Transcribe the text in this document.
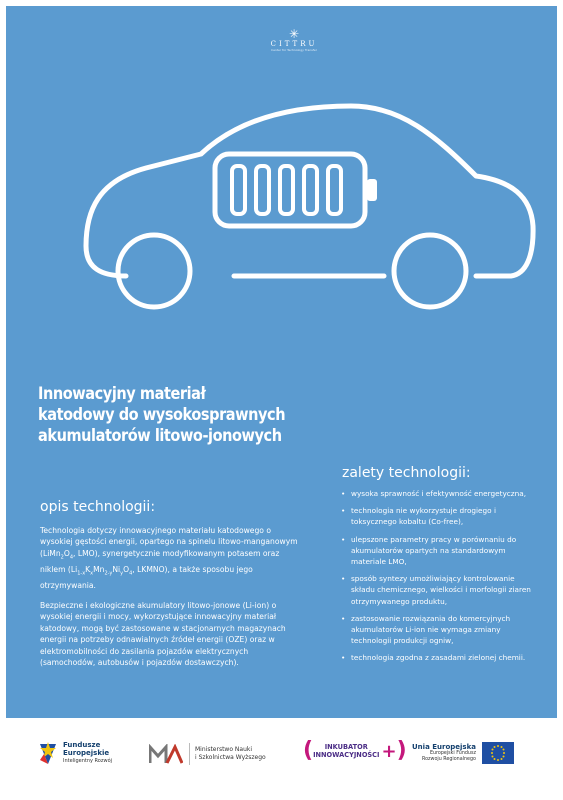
✳
CITTRU
Center for Technology Transfer
Innowacyjny materiał
katodowy do wysokosprawnych
akumulatorów litowo-jonowych
zalety technologii:
opis technologii:

Technologia dotyczy innowacyjnego materiału katodowego o wysokiej gęstości energii, opartego na spinelu litowo-manganowym ($LiMn_2O_4$, LMO), synergetycznie modyfikowanym potasem oraz niklem ($Li_{1-x}K_xMn_{2-y}Ni_yO_4$, LKMNO), a także sposobu jego otrzymywania.

Bezpieczne i ekologiczne akumulatory litowo-jonowe (Li-ion) o wysokiej energii i mocy, wykorzystujące innowacyjny materiał katodowy, mogą być zastosowane w stacjonarnych magazynach energii na potrzeby odnawialnych źródeł energii (OZE) oraz w elektromobilności do zasilania pojazdów elektrycznych (samochodów, autobusów i pojazdów dostawczych).

• wysoka sprawność i efektywność energetyczna,
• technologia nie wykorzystuje drogiego i toksycznego kobaltu (Co-free),
• ulepszone parametry pracy w porównaniu do akumulatorów opartych na standardowym materiale LMO,
• sposób syntezy umożliwiający kontrolowanie składu chemicznego, wielkości i morfologii ziaren otrzymywanego produktu,
• zastosowanie rozwiązania do komercyjnych akumulatorów Li-ion nie wymaga zmiany technologii produkcji ogniw,
• technologia zgodna z zasadami zielonej chemii.
Fundusze
Europejskie
Inteligentny Rozwój
Ministerstwo Nauki
i Szkolnictwa Wyższego (	INKUBATOR
INNOWACYJNOŚCI + ) Unia Europejska
Europejski Fundusz
Rozwoju Regionalnego
